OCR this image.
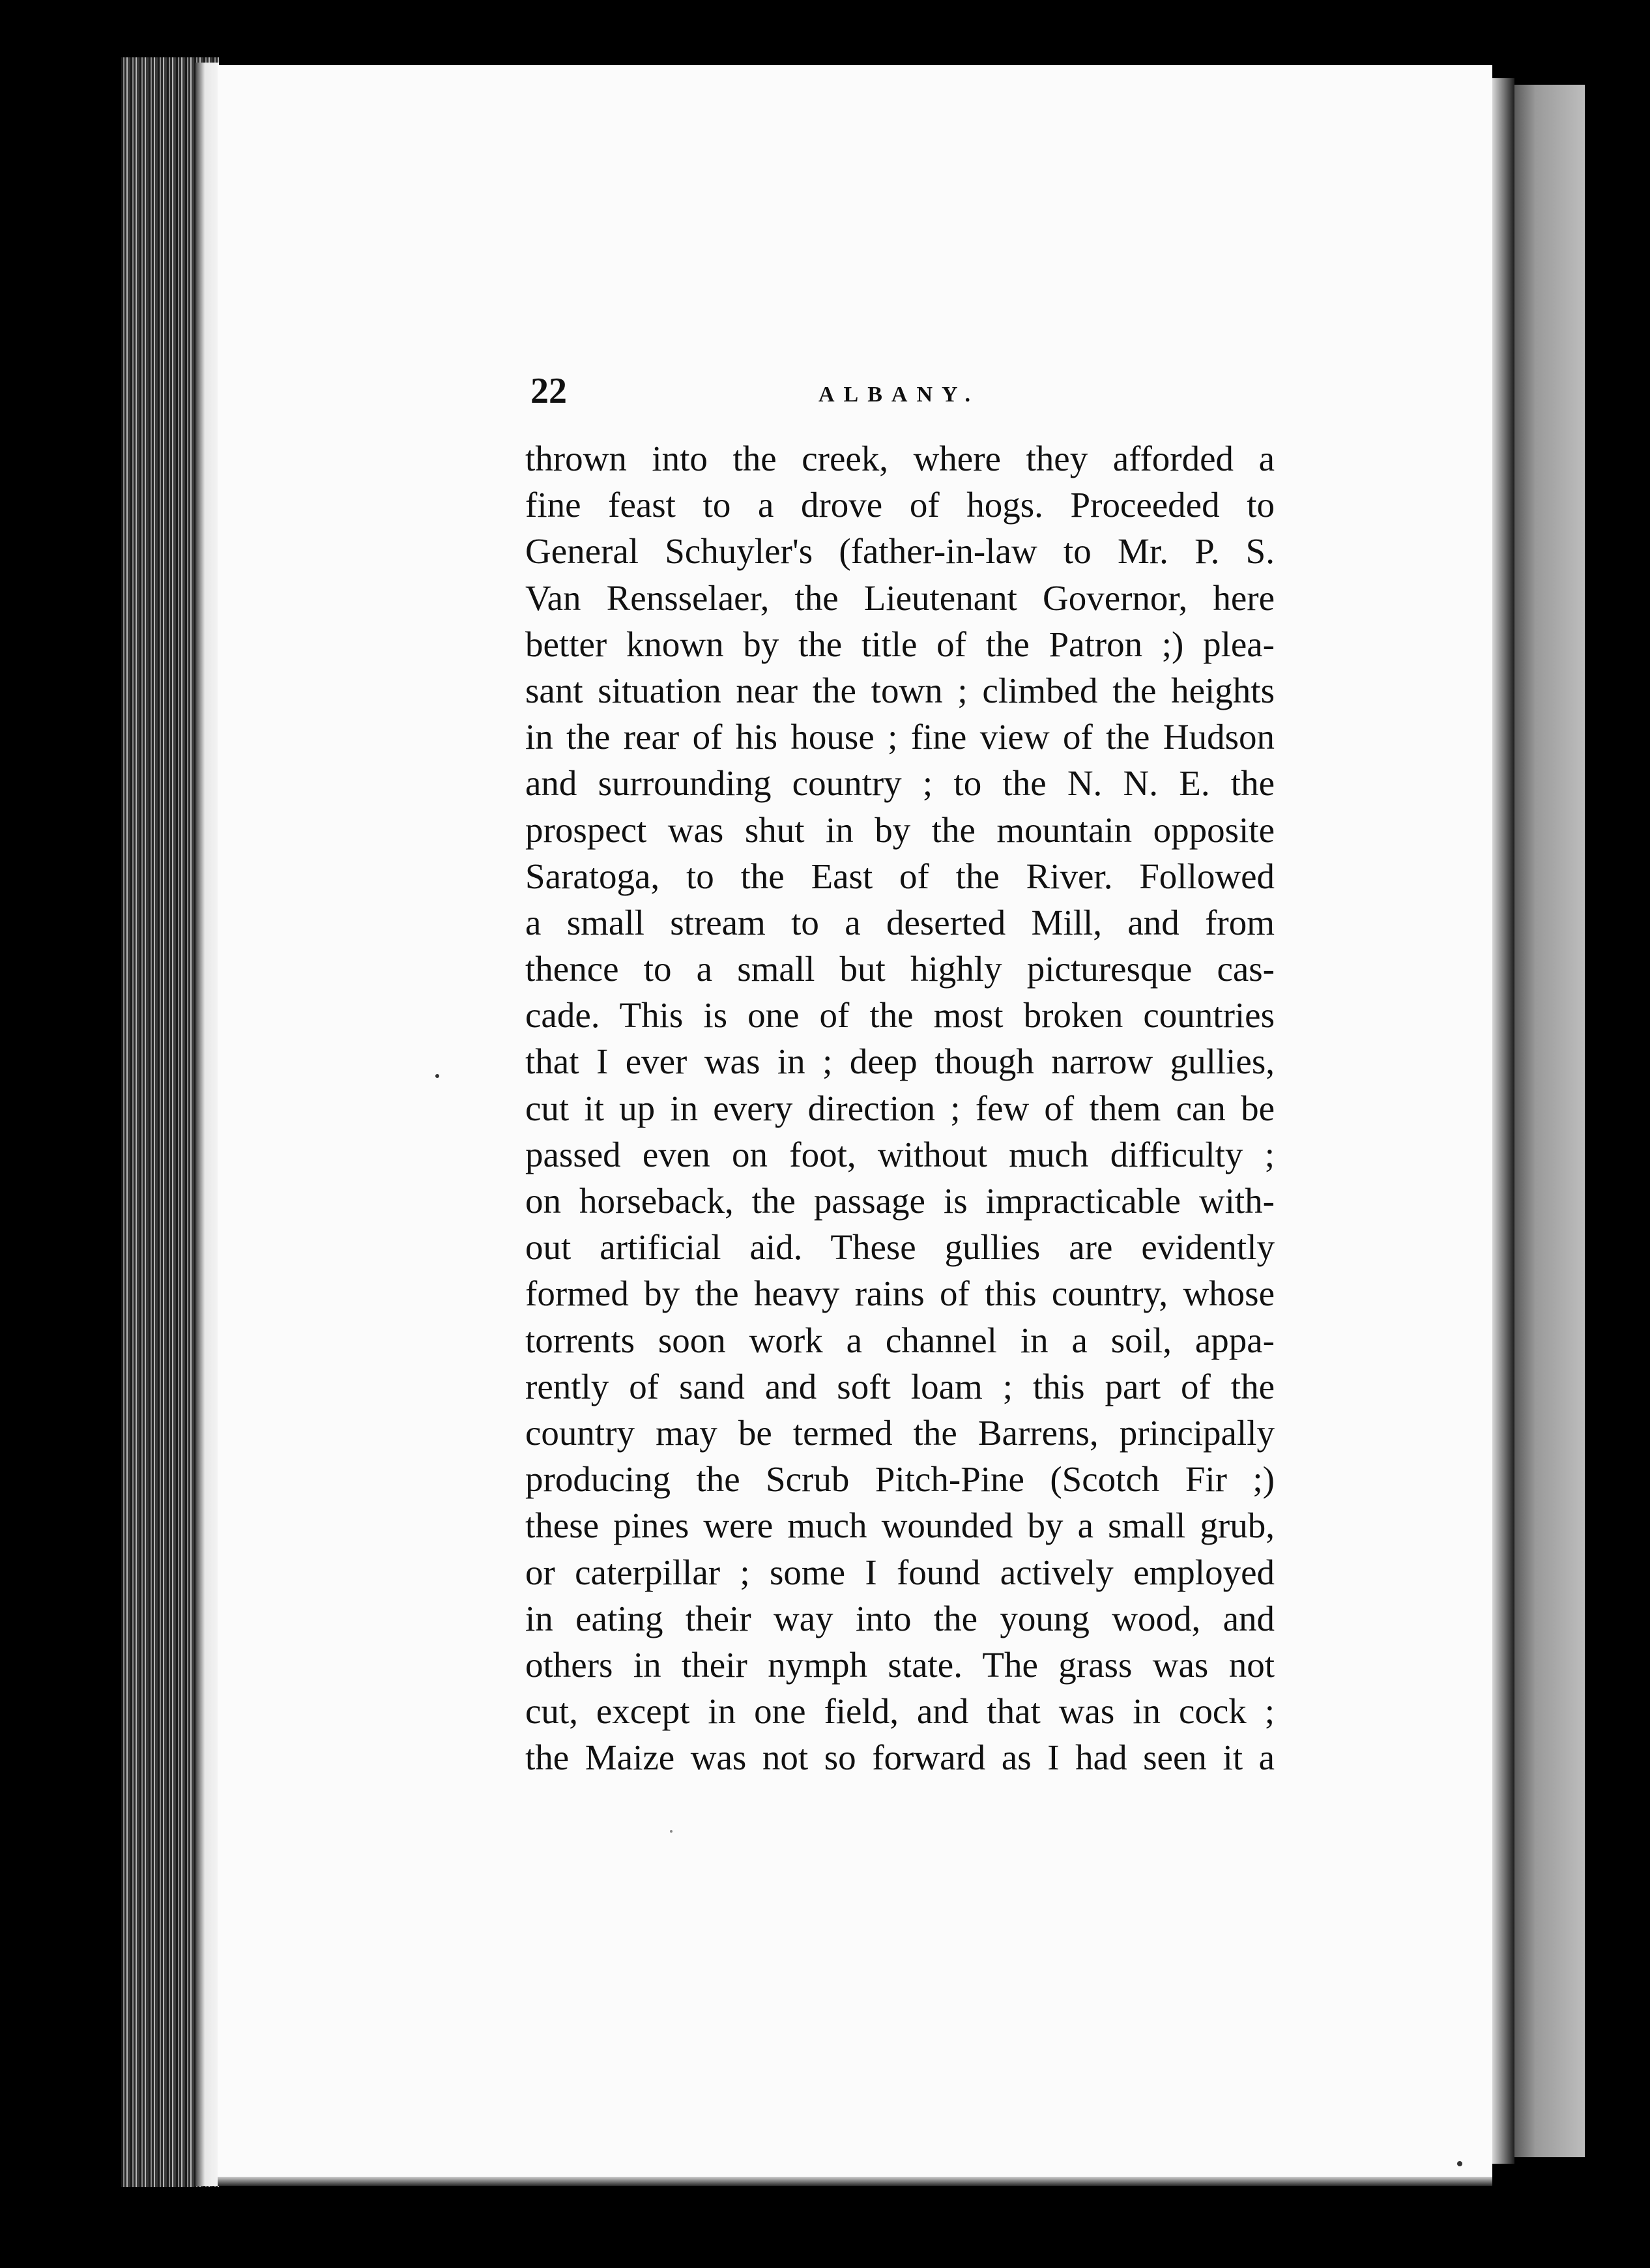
22	ALBANY.
thrown into the creek, where they afforded a
fine feast to a drove of hogs. Proceeded to
General Schuyler's (father-in-law to Mr. P. S.
Van Rensselaer, the Lieutenant Governor, here
better known by the title of the Patron ;) plea-
sant situation near the town ; climbed the heights
in the rear of his house ; fine view of the Hudson
and surrounding country ; to the N. N. E. the
prospect was shut in by the mountain opposite
Saratoga, to the East of the River. Followed
a small stream to a deserted Mill, and from
thence to a small but highly picturesque cas-
cade. This is one of the most broken countries
that I ever was in ; deep though narrow gullies,
cut it up in every direction ; few of them can be
passed even on foot, without much difficulty ;
on horseback, the passage is impracticable with-
out artificial aid. These gullies are evidently
formed by the heavy rains of this country, whose
torrents soon work a channel in a soil, appa-
rently of sand and soft loam ; this part of the
country may be termed the Barrens, principally
producing the Scrub Pitch-Pine (Scotch Fir ;)
these pines were much wounded by a small grub,
or caterpillar ; some I found actively employed
in eating their way into the young wood, and
others in their nymph state. The grass was not
cut, except in one field, and that was in cock ;
the Maize was not so forward as I had seen it a
